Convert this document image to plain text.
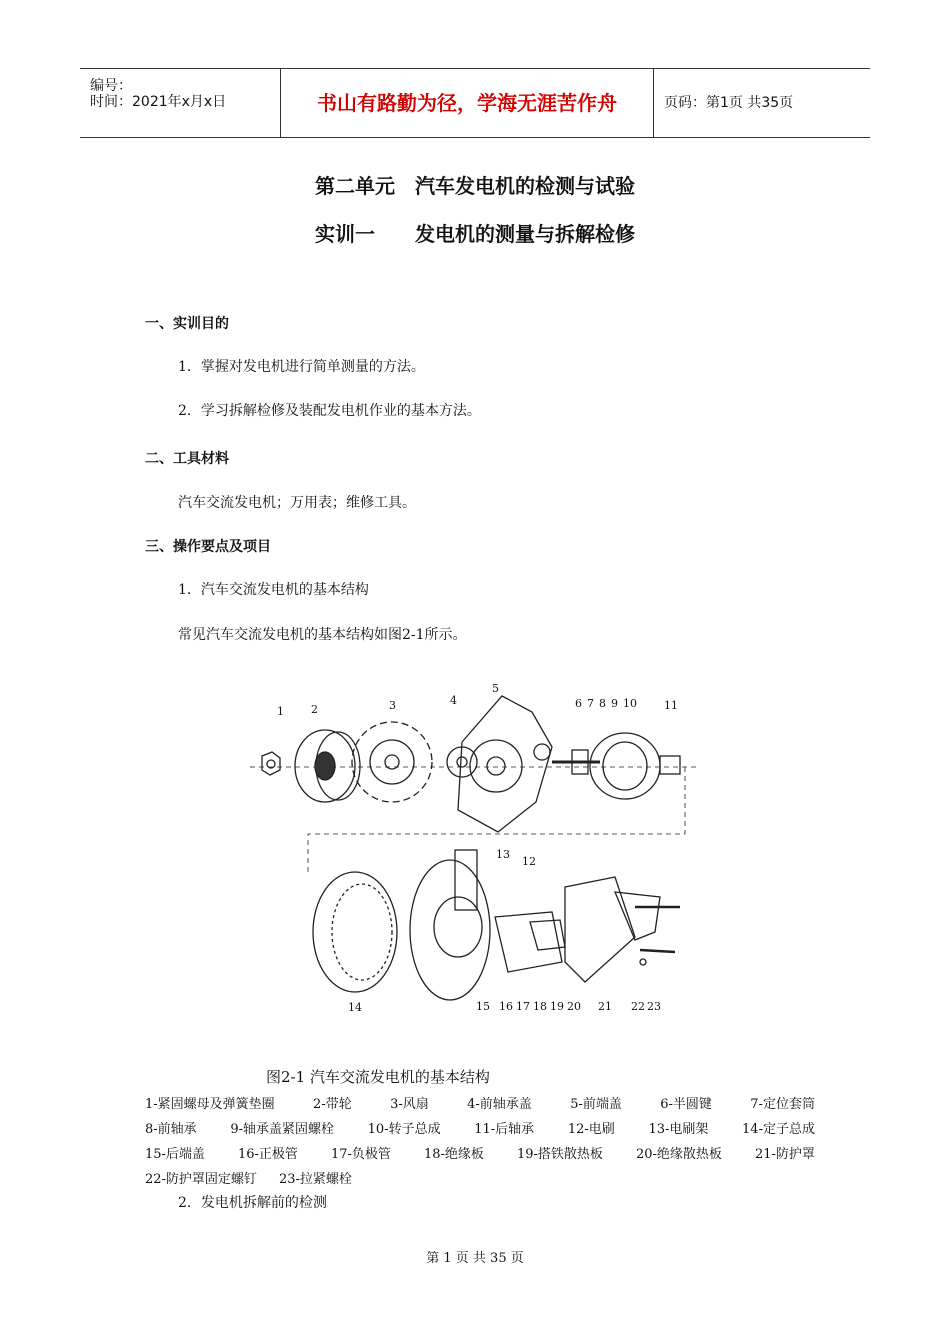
编号：
时间：2021年x月x日	书山有路勤为径，学海无涯苦作舟	页码：第1页 共35页
第二单元　汽车发电机的检测与试验
实训一　　发电机的测量与拆解检修
一、实训目的
1．掌握对发电机进行简单测量的方法。
2．学习拆解检修及装配发电机作业的基本方法。
二、工具材料
汽车交流发电机；万用表；维修工具。
三、操作要点及项目
1．汽车交流发电机的基本结构
常见汽车交流发电机的基本结构如图2-1所示。
1 2	3	4
5
6 7 8 9 10 11
12
13
14	15 16 17 18 19 20 21 22 23
图2-1 汽车交流发电机的基本结构
1-紧固螺母及弹簧垫圈	2-带轮	3-风扇	4-前轴承盖	5-前端盖	6-半圆键	7-定位套筒
8-前轴承	9-轴承盖紧固螺栓	10-转子总成	11-后轴承	12-电刷	13-电刷架	14-定子总成
15-后端盖	16-正极管	17-负极管	18-绝缘板	19-搭铁散热板	20-绝缘散热板	21-防护罩
22-防护罩固定螺钉 23-拉紧螺栓
2．发电机拆解前的检测
第 1 页 共 35 页
